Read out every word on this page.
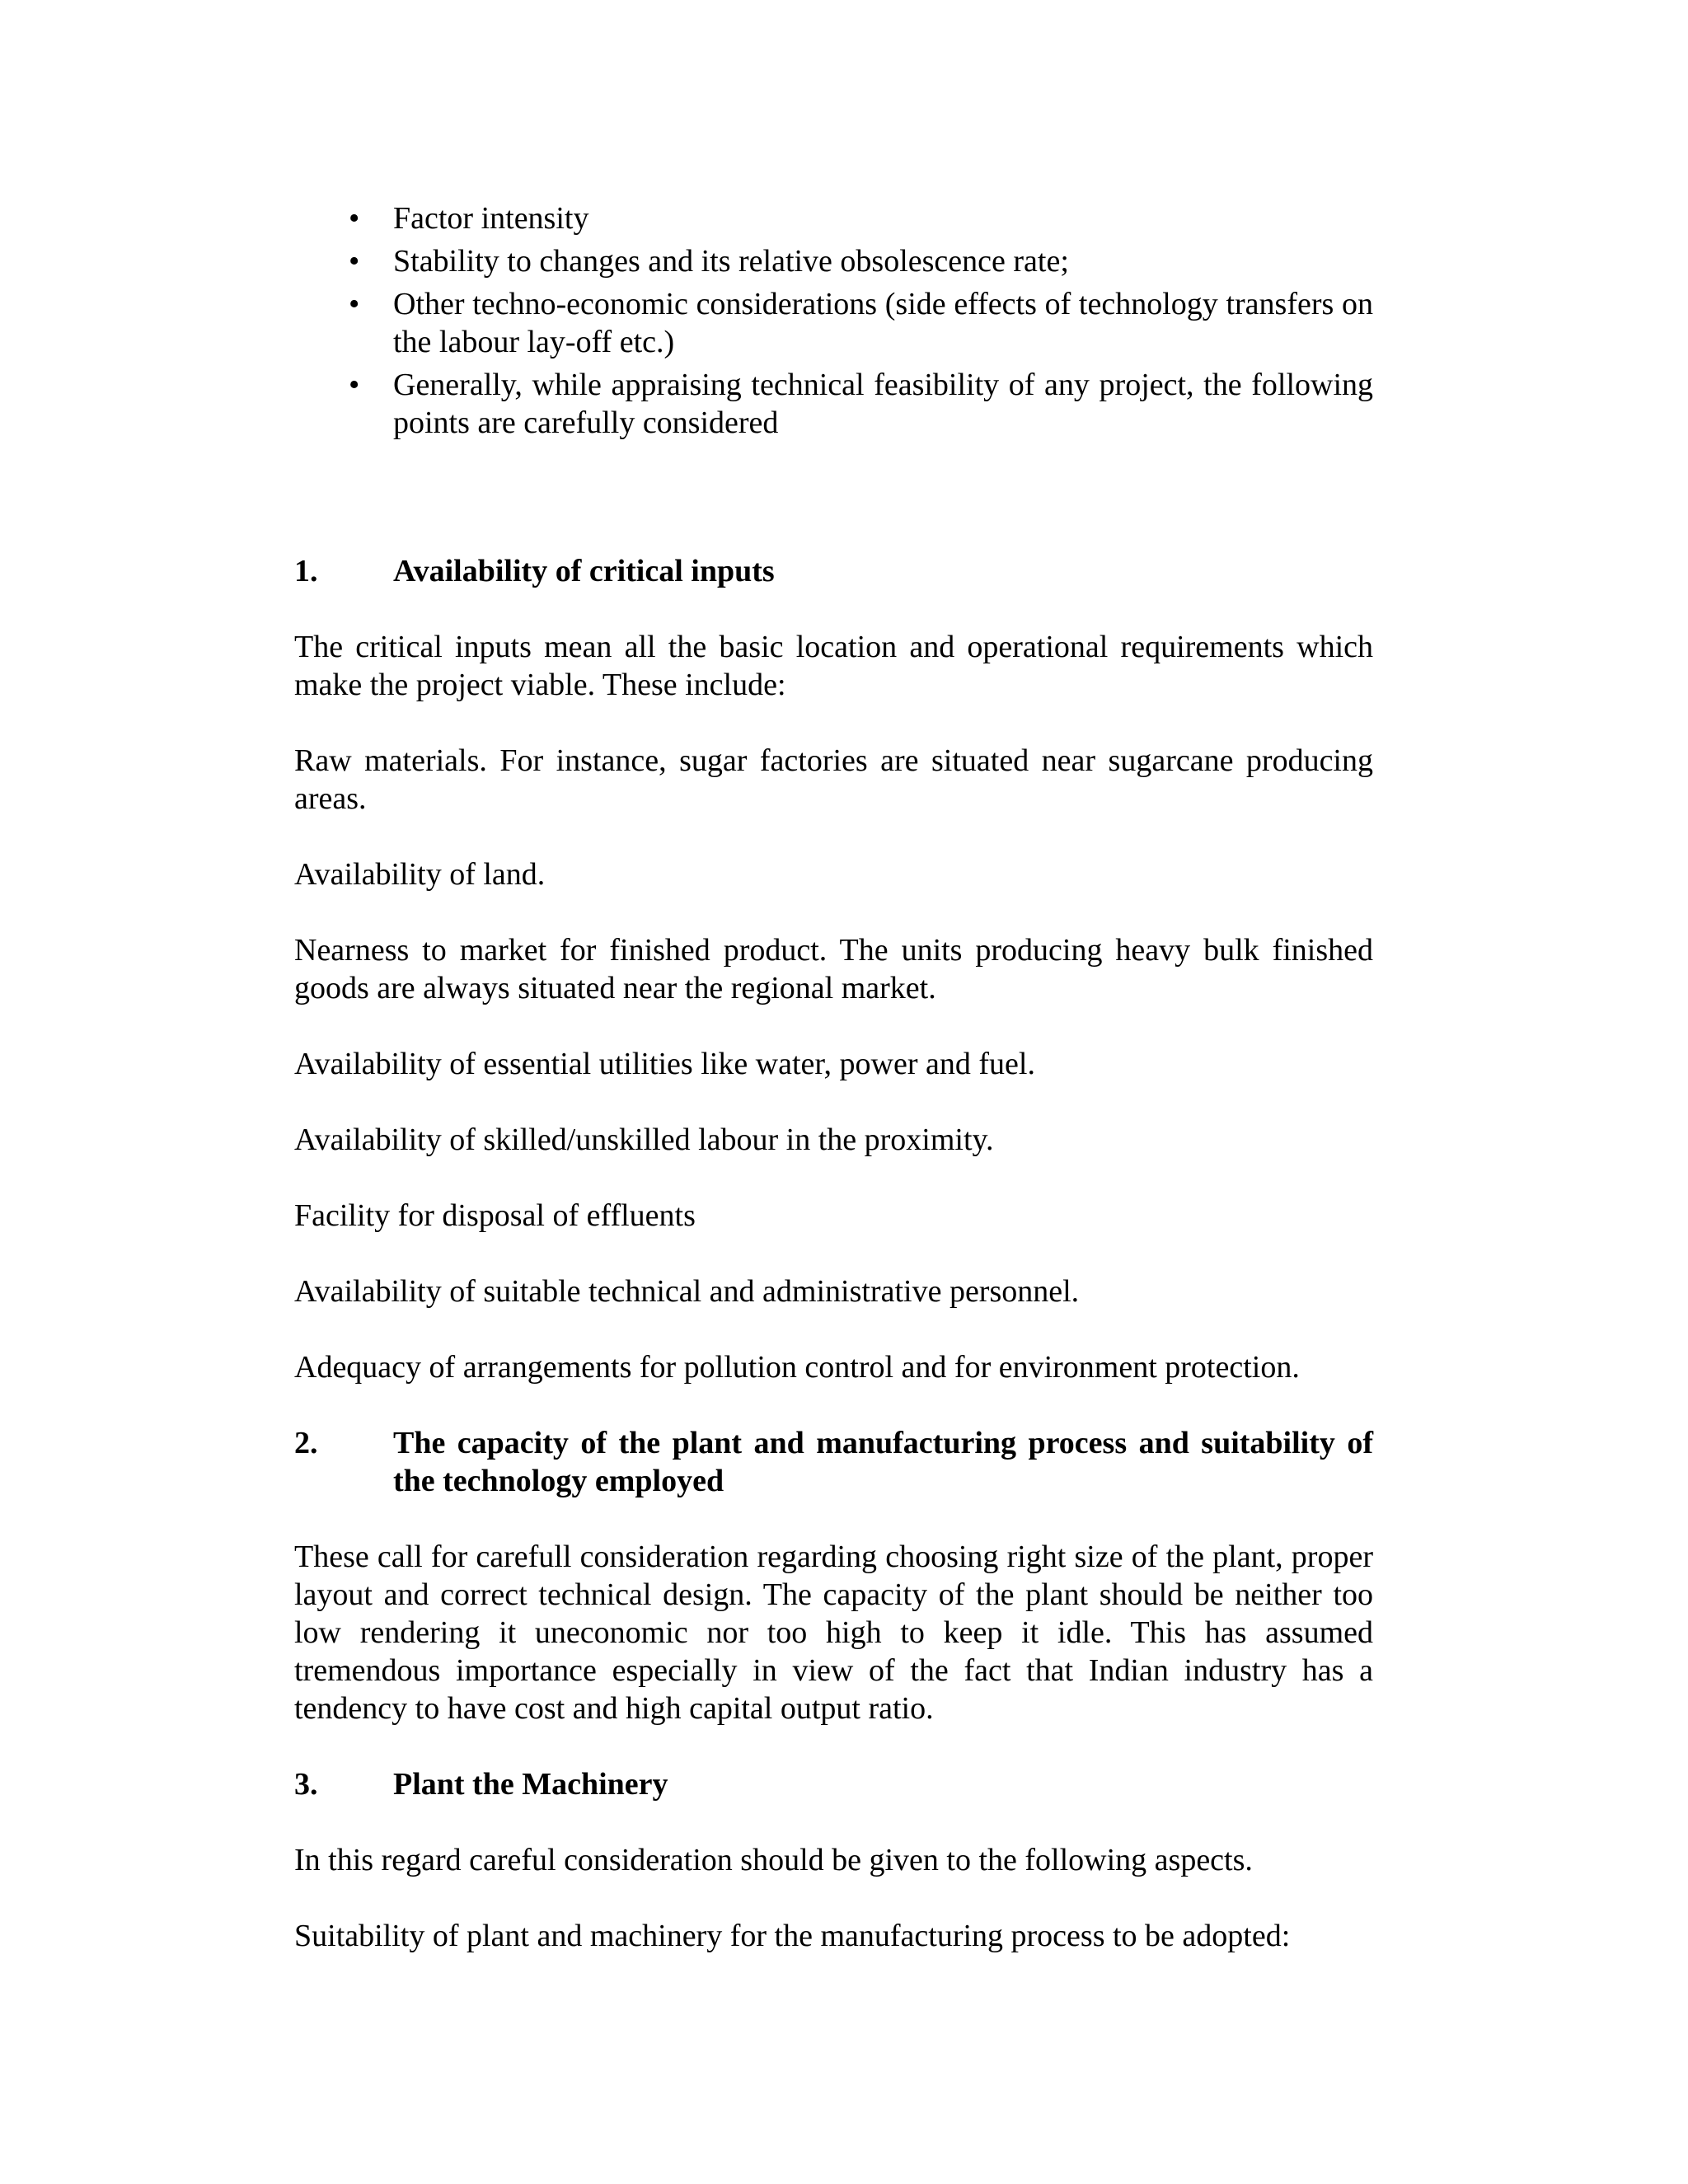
• Factor intensity
• Stability to changes and its relative obsolescence rate;
• Other techno-economic considerations (side effects of technology transfers on the labour lay-off etc.)
• Generally, while appraising technical feasibility of any project, the following points are carefully considered
1. Availability of critical inputs

The critical inputs mean all the basic location and operational requirements which make the project viable. These include:

Raw materials. For instance, sugar factories are situated near sugarcane producing areas.

Availability of land.

Nearness to market for finished product. The units producing heavy bulk finished goods are always situated near the regional market.

Availability of essential utilities like water, power and fuel.

Availability of skilled/unskilled labour in the proximity.

Facility for disposal of effluents

Availability of suitable technical and administrative personnel.

Adequacy of arrangements for pollution control and for environment protection.

2. The capacity of the plant and manufacturing process and suitability of the technology employed

These call for carefull consideration regarding choosing right size of the plant, proper layout and correct technical design. The capacity of the plant should be neither too low rendering it uneconomic nor too high to keep it idle. This has assumed tremendous importance especially in view of the fact that Indian industry has a tendency to have cost and high capital output ratio.

3. Plant the Machinery

In this regard careful consideration should be given to the following aspects.

Suitability of plant and machinery for the manufacturing process to be adopted:
